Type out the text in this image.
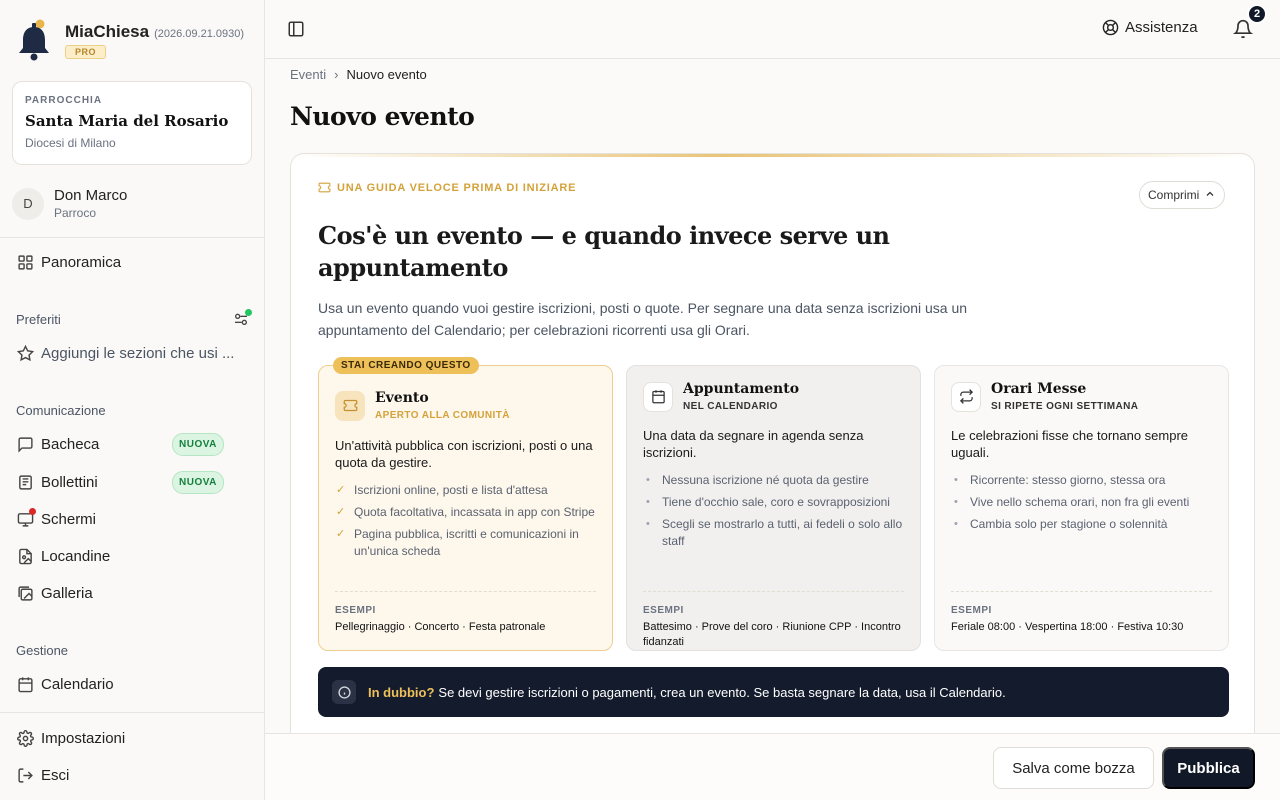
MiaChiesa (2026.09.21.0930)
PRO
PARROCCHIA
Santa Maria del Rosario
Diocesi di Milano
D	Don Marco
Parroco
Panoramica
Preferiti
Aggiungi le sezioni che usi ...
Comunicazione
Bacheca	NUOVA
Bollettini	NUOVA
Schermi
Locandine
Galleria
Gestione
Calendario
Impostazioni
Esci
Assistenza
2
Eventi › Nuovo evento
Nuovo evento
UNA GUIDA VELOCE PRIMA DI INIZIARE
Comprimi
Cos'è un evento — e quando invece serve un appuntamento

Usa un evento quando vuoi gestire iscrizioni, posti o quote. Per segnare una data senza iscrizioni usa un appuntamento del Calendario; per celebrazioni ricorrenti usa gli Orari.

STAI CREANDO QUESTO
Evento
APERTO ALLA COMUNITÀ

Un'attività pubblica con iscrizioni, posti o una quota da gestire.

✓ Iscrizioni online, posti e lista d'attesa
✓ Quota facoltativa, incassata in app con Stripe
✓ Pagina pubblica, iscritti e comunicazioni in un'unica scheda
ESEMPI
Pellegrinaggio · Concerto · Festa patronale
Appuntamento
NEL CALENDARIO

Una data da segnare in agenda senza iscrizioni.

• Nessuna iscrizione né quota da gestire
• Tiene d'occhio sale, coro e sovrapposizioni
• Scegli se mostrarlo a tutti, ai fedeli o solo allo staff
ESEMPI
Battesimo · Prove del coro · Riunione CPP · Incontro fidanzati
Orari Messe
SI RIPETE OGNI SETTIMANA

Le celebrazioni fisse che tornano sempre uguali.

• Ricorrente: stesso giorno, stessa ora
• Vive nello schema orari, non fra gli eventi
• Cambia solo per stagione o solennità
ESEMPI
Feriale 08:00 · Vespertina 18:00 · Festiva 10:30

In dubbio? Se devi gestire iscrizioni o pagamenti, crea un evento. Se basta segnare la data, usa il Calendario.

Salva come bozza	Pubblica
